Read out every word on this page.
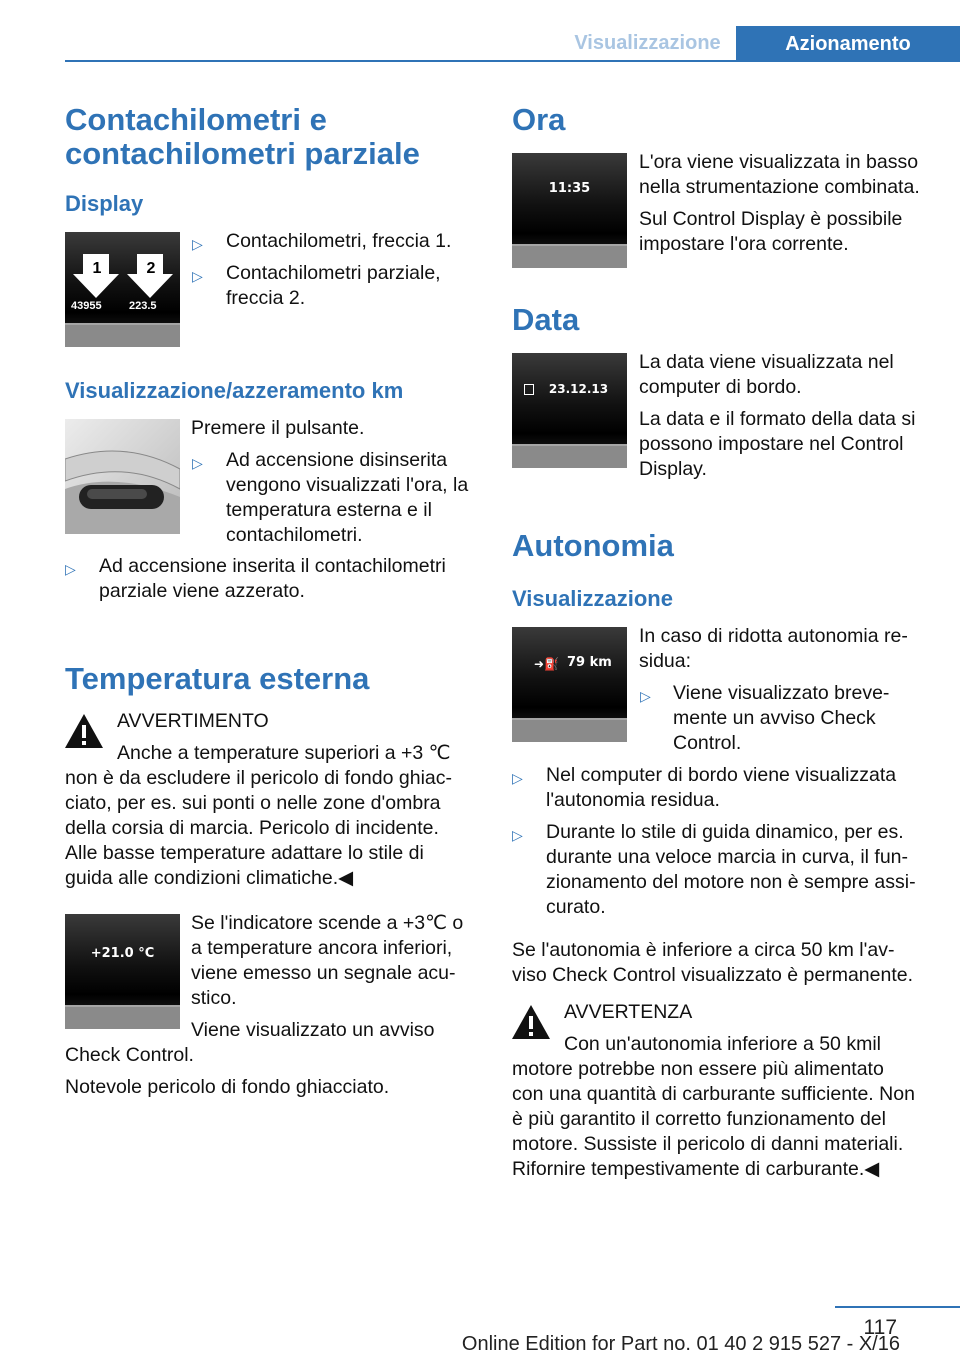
Visualizzazione	Azionamento
Contachilometri e
contachilometri parziale
Display
1	2
43955 223.5
▷ Contachilometri, freccia 1.
▷ Contachilometri parziale,
freccia 2.
Visualizzazione/azzeramento km
Premere il pulsante.
▷ Ad accensione disinserita
vengono visualizzati l'ora, la
temperatura esterna e il
contachilometri.
▷ Ad accensione inserita il contachilometri
parziale viene azzerato.
Temperatura esterna
AVVERTIMENTO
Anche a temperature superiori a +3 ℃
non è da escludere il pericolo di fondo ghiac‐
ciato, per es. sui ponti o nelle zone d'ombra
della corsia di marcia. Pericolo di incidente.
Alle basse temperature adattare lo stile di
guida alle condizioni climatiche.◀
+21.0 °C
Se l'indicatore scende a +3℃ o
a temperature ancora inferiori,
viene emesso un segnale acu‐
stico.
Viene visualizzato un avviso
Check Control.
Notevole pericolo di fondo ghiacciato.
Ora
11:35
L'ora viene visualizzata in basso
nella strumentazione combinata.
Sul Control Display è possibile
impostare l'ora corrente.
Data
23.12.13
La data viene visualizzata nel
computer di bordo.
La data e il formato della data si
possono impostare nel Control
Display.
Autonomia
Visualizzazione
➜⛽ 79 km
In caso di ridotta autonomia re‐
sidua:
▷ Viene visualizzato breve‐
mente un avviso Check
Control.
▷ Nel computer di bordo viene visualizzata
l'autonomia residua.
▷ Durante lo stile di guida dinamico, per es.
durante una veloce marcia in curva, il fun‐
zionamento del motore non è sempre assi‐
curato.
Se l'autonomia è inferiore a circa 50 km l'av‐
viso Check Control visualizzato è permanente.
AVVERTENZA
Con un'autonomia inferiore a 50 kmil
motore potrebbe non essere più alimentato
con una quantità di carburante sufficiente. Non
è più garantito il corretto funzionamento del
motore. Sussiste il pericolo di danni materiali.
Rifornire tempestivamente di carburante.◀
117
Online Edition for Part no. 01 40 2 915 527 - X/16
